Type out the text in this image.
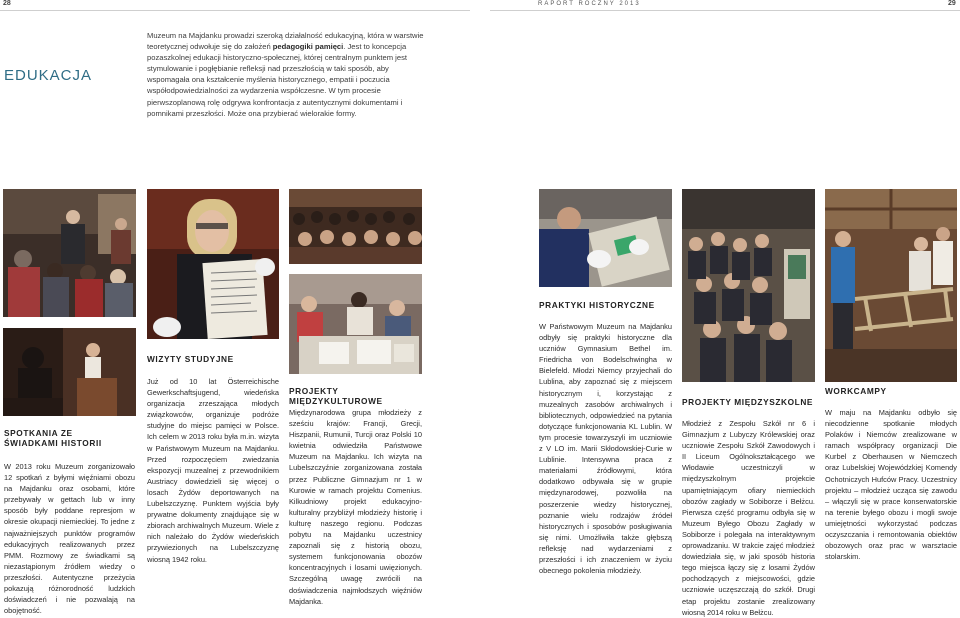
28	RAPORT ROCZNY 2013	29
EDUKACJA
Muzeum na Majdanku prowadzi szeroką działalność edukacyjną, która w warstwie teoretycznej odwołuje się do założeń pedagogiki pamięci. Jest to koncepcja pozaszkolnej edukacji historyczno-społecznej, której centralnym punktem jest stymulowanie i pogłębianie refleksji nad przeszłością w taki sposób, aby wspomagała ona kształcenie myślenia historycznego, empatii i poczucia współodpowiedzialności za wydarzenia współczesne. W tym procesie pierwszoplanową rolę odgrywa konfrontacja z autentycznymi dokumentami i pomnikami przeszłości. Może ona przybierać wielorakie formy.
SPOTKANIA ZE ŚWIADKAMI HISTORII
W 2013 roku Muzeum zorganizowało 12 spotkań z byłymi więźniami obozu na Majdanku oraz osobami, które przebywały w gettach lub w inny sposób były poddane represjom w okresie okupacji niemieckiej. To jedne z najważniejszych punktów programów edukacyjnych realizowanych przez PMM. Rozmowy ze świadkami są niezastąpionym źródłem wiedzy o przeszłości. Autentyczne przeżycia pokazują różnorodność ludzkich doświadczeń i nie pozwalają na obojętność.
WIZYTY STUDYJNE
Już od 10 lat Österreichische Gewerkschaftsjugend, wiedeńska organizacja zrzeszająca młodych związkowców, organizuje podróże studyjne do miejsc pamięci w Polsce. Ich celem w 2013 roku była m.in. wizyta w Państwowym Muzeum na Majdanku. Przed rozpoczęciem zwiedzania ekspozycji muzealnej z przewodnikiem Austriacy dowiedzieli się więcej o losach Żydów deportowanych na Lubelszczyznę. Punktem wyjścia były prywatne dokumenty znajdujące się w zbiorach archiwalnych Muzeum. Wiele z nich należało do Żydów wiedeńskich przywiezionych na Lubelszczyznę wiosną 1942 roku.
PROJEKTY MIĘDZYKULTUROWE
Międzynarodowa grupa młodzieży z sześciu krajów: Francji, Grecji, Hiszpanii, Rumunii, Turcji oraz Polski 10 kwietnia odwiedziła Państwowe Muzeum na Majdanku. Ich wizyta na Lubelszczyźnie zorganizowana została przez Publiczne Gimnazjum nr 1 w Kurowie w ramach projektu Comenius. Kilkudniowy projekt edukacyjno-kulturalny przybliżył młodzieży historię i kulturę naszego regionu. Podczas pobytu na Majdanku uczestnicy zapoznali się z historią obozu, systemem funkcjonowania obozów koncentracyjnych i losami uwięzionych. Szczególną uwagę zwrócili na doświadczenia najmłodszych więźniów Majdanka.
PRAKTYKI HISTORYCZNE
W Państwowym Muzeum na Majdanku odbyły się praktyki historyczne dla uczniów Gymnasium Bethel im. Friedricha von Bodelschwingha w Bielefeld. Młodzi Niemcy przyjechali do Lublina, aby zapoznać się z miejscem historycznym i, korzystając z muzealnych zasobów archiwalnych i bibliotecznych, odpowiedzieć na pytania dotyczące funkcjonowania KL Lublin. W tym procesie towarzyszyli im uczniowie z V LO im. Marii Skłodowskiej-Curie w Lublinie. Intensywna praca z materiałami źródłowymi, która dodatkowo odbywała się w grupie międzynarodowej, pozwoliła na poszerzenie wiedzy historycznej, poznanie wielu rodzajów źródeł historycznych i sposobów posługiwania się nimi. Umożliwiła także głębszą refleksję nad wydarzeniami z przeszłości i ich znaczeniem w życiu obecnego pokolenia młodzieży.
PROJEKTY MIĘDZYSZKOLNE
Młodzież z Zespołu Szkół nr 6 i Gimnazjum z Lubyczy Królewskiej oraz uczniowie Zespołu Szkół Zawodowych i II Liceum Ogólnokształcącego we Włodawie uczestniczyli w międzyszkolnym projekcie upamiętniającym ofiary niemieckich obozów zagłady w Sobiborze i Bełżcu. Pierwsza część programu odbyła się w Muzeum Byłego Obozu Zagłady w Sobiborze i polegała na interaktywnym oprowadzaniu. W trakcie zajęć młodzież dowiedziała się, w jaki sposób historia tego miejsca łączy się z losami Żydów pochodzących z miejscowości, gdzie uczniowie uczęszczają do szkół. Drugi etap projektu zostanie zrealizowany wiosną 2014 roku w Bełżcu.
WORKCAMPY
W maju na Majdanku odbyło się niecodzienne spotkanie młodych Polaków i Niemców zrealizowane w ramach współpracy organizacji Die Kurbel z Oberhausen w Niemczech oraz Lubelskiej Wojewódzkiej Komendy Ochotniczych Hufców Pracy. Uczestnicy projektu – młodzież ucząca się zawodu – włączyli się w prace konserwatorskie na terenie byłego obozu i mogli swoje umiejętności wykorzystać podczas oczyszczania i remontowania obiektów obozowych oraz prac w warsztacie stolarskim.
